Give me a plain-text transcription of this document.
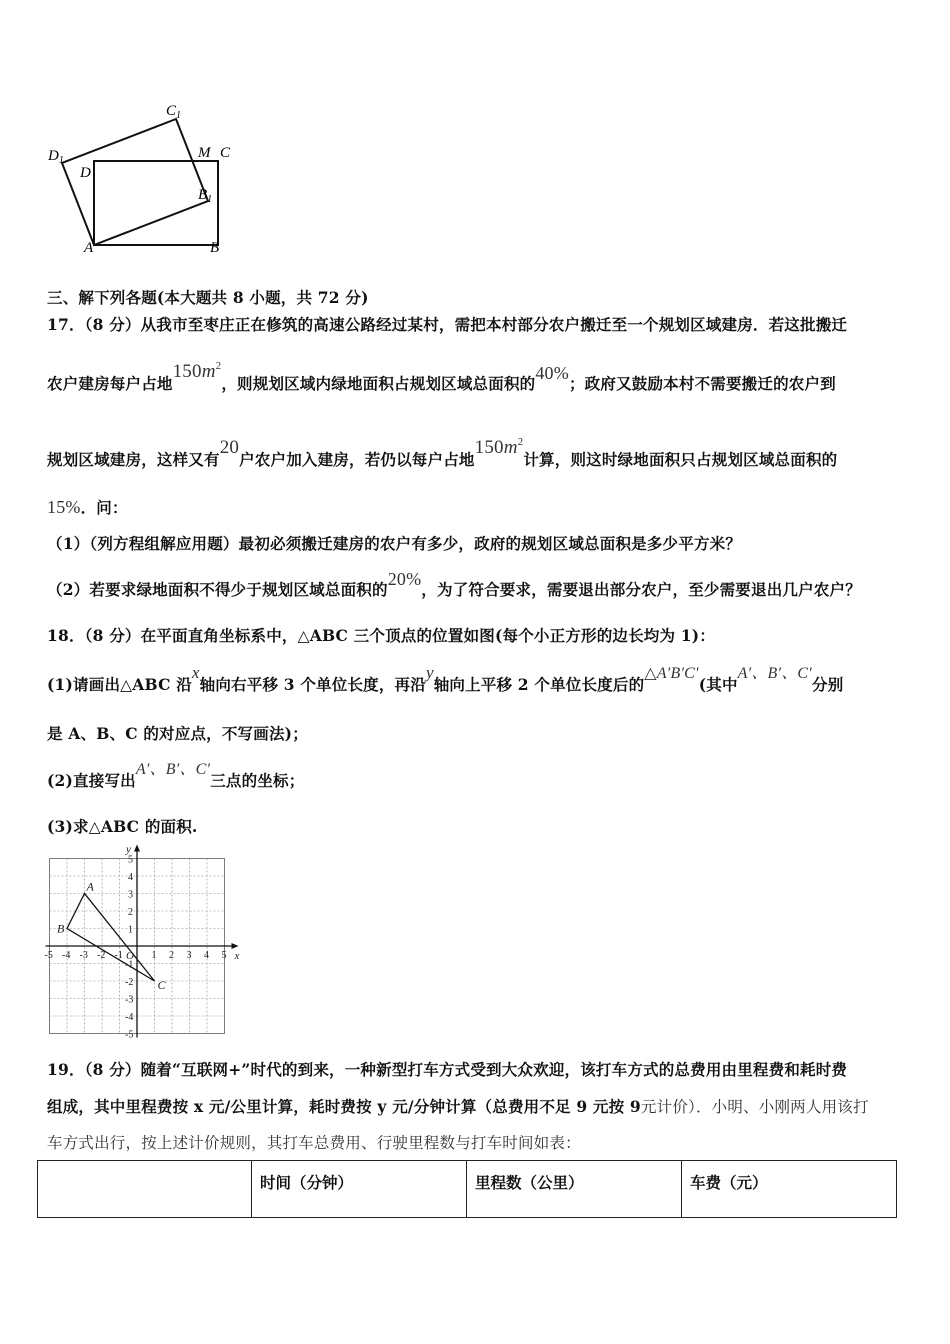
$C_1$
$D_1$
D
M C
$B_1$
A	B
三、解下列各题(本大题共 8 小题，共 72 分)
17．（8 分）从我市至枣庄正在修筑的高速公路经过某村，需把本村部分农户搬迁至一个规划区域建房．若这批搬迁
农户建房每户占地$150m^2$，则规划区域内绿地面积占规划区域总面积的40%；政府又鼓励本村不需要搬迁的农户到
规划区域建房，这样又有20户农户加入建房，若仍以每户占地$150m^2$计算，则这时绿地面积只占规划区域总面积的
15%．问：
（1）（列方程组解应用题）最初必须搬迁建房的农户有多少，政府的规划区域总面积是多少平方米？
（2）若要求绿地面积不得少于规划区域总面积的20%，为了符合要求，需要退出部分农户，至少需要退出几户农户？
18．（8 分）在平面直角坐标系中，△ABC 三个顶点的位置如图(每个小正方形的边长均为 1)：
(1)请画出△ABC 沿x轴向右平移 3 个单位长度，再沿y轴向上平移 2 个单位长度后的△A′B′C′(其中A′、B′、C′分别
是 A、B、C 的对应点，不写画法)；
(2)直接写出A′、B′、C′三点的坐标；
(3)求△ABC 的面积.
x
y
O
-5 -4 -3 -2 -1	1 2 3 4 5
5
4
3
2
1
-1
-2
-3
-4
-5
A
B
C
19．（8 分）随着“互联网+”时代的到来，一种新型打车方式受到大众欢迎，该打车方式的总费用由里程费和耗时费
组成，其中里程费按 x 元/公里计算，耗时费按 y 元/分钟计算（总费用不足 9 元按 9元计价）．小明、小刚两人用该打
车方式出行，按上述计价规则，其打车总费用、行驶里程数与打车时间如表：
	时间（分钟）	里程数（公里）	车费（元）
